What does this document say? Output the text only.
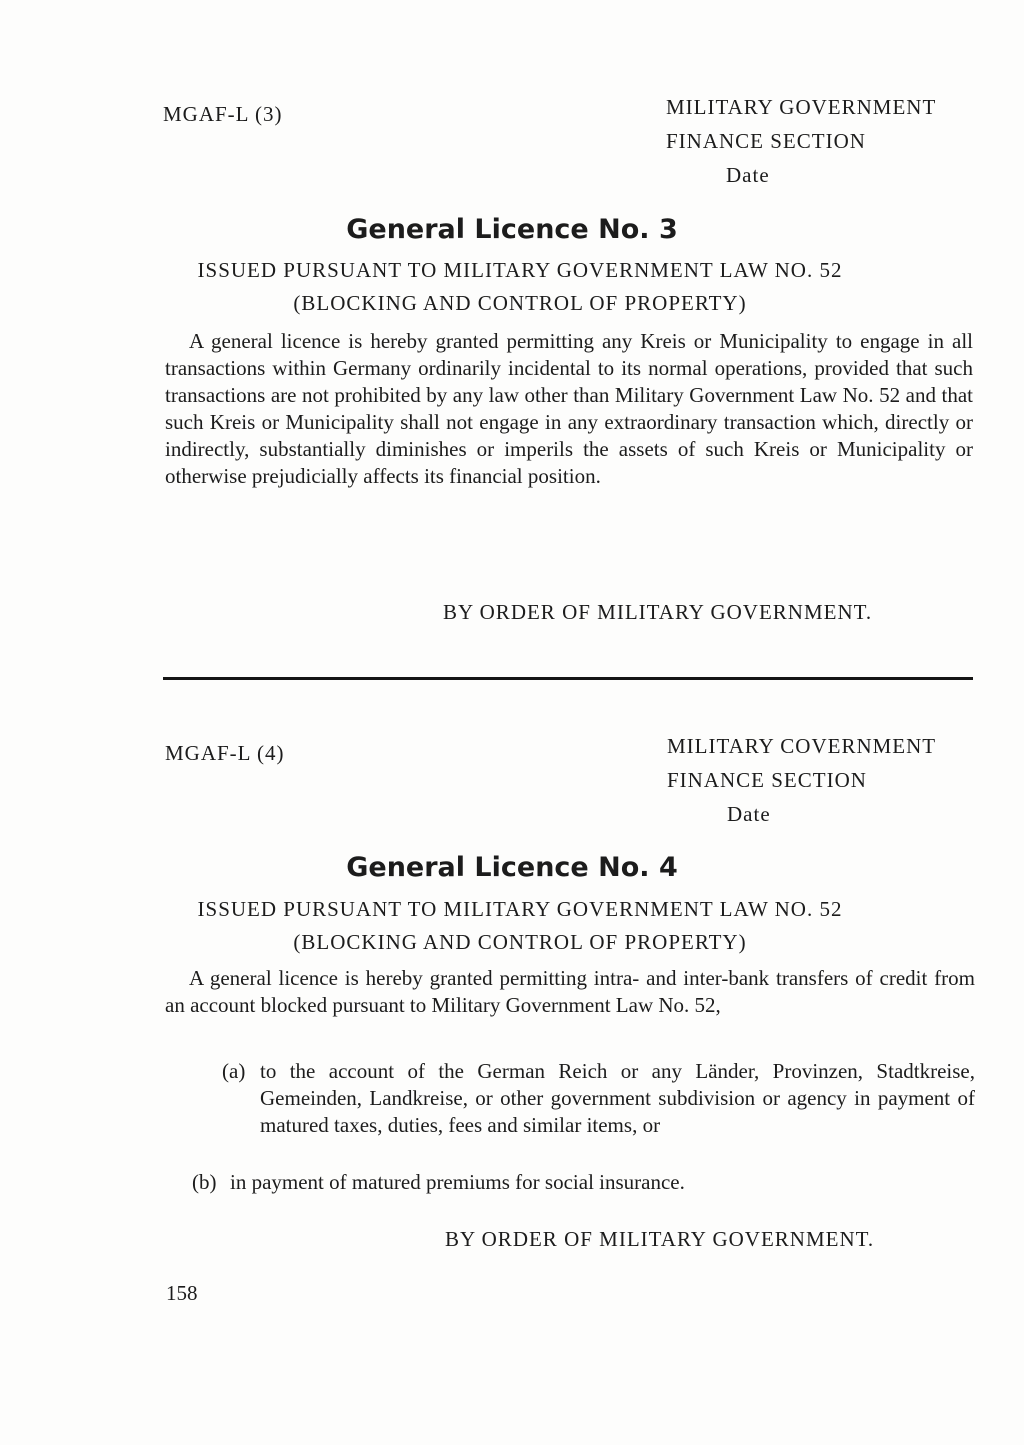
MGAF-L (3)	MILITARY GOVERNMENT
FINANCE SECTION
Date
General Licence No. 3
ISSUED PURSUANT TO MILITARY GOVERNMENT LAW NO. 52
(BLOCKING AND CONTROL OF PROPERTY)

A general licence is hereby granted permitting any Kreis or Municipality to engage in all transactions within Germany ordinarily incidental to its normal operations, provided that such transactions are not prohibited by any law other than Military Government Law No. 52 and that such Kreis or Municipality shall not engage in any extraordinary transaction which, directly or indirectly, substantially diminishes or imperils the assets of such Kreis or Municipality or otherwise prejudicially affects its financial position.

BY ORDER OF MILITARY GOVERNMENT.

MGAF-L (4)	MILITARY COVERNMENT
FINANCE SECTION
Date
General Licence No. 4
ISSUED PURSUANT TO MILITARY GOVERNMENT LAW NO. 52
(BLOCKING AND CONTROL OF PROPERTY)

A general licence is hereby granted permitting intra- and inter-bank transfers of credit from an account blocked pursuant to Military Government Law No. 52,

(a) to the account of the German Reich or any Länder, Provinzen, Stadtkreise, Gemeinden, Landkreise, or other government subdivision or agency in payment of matured taxes, duties, fees and similar items, or
(b) in payment of matured premiums for social insurance.

BY ORDER OF MILITARY GOVERNMENT.

158
